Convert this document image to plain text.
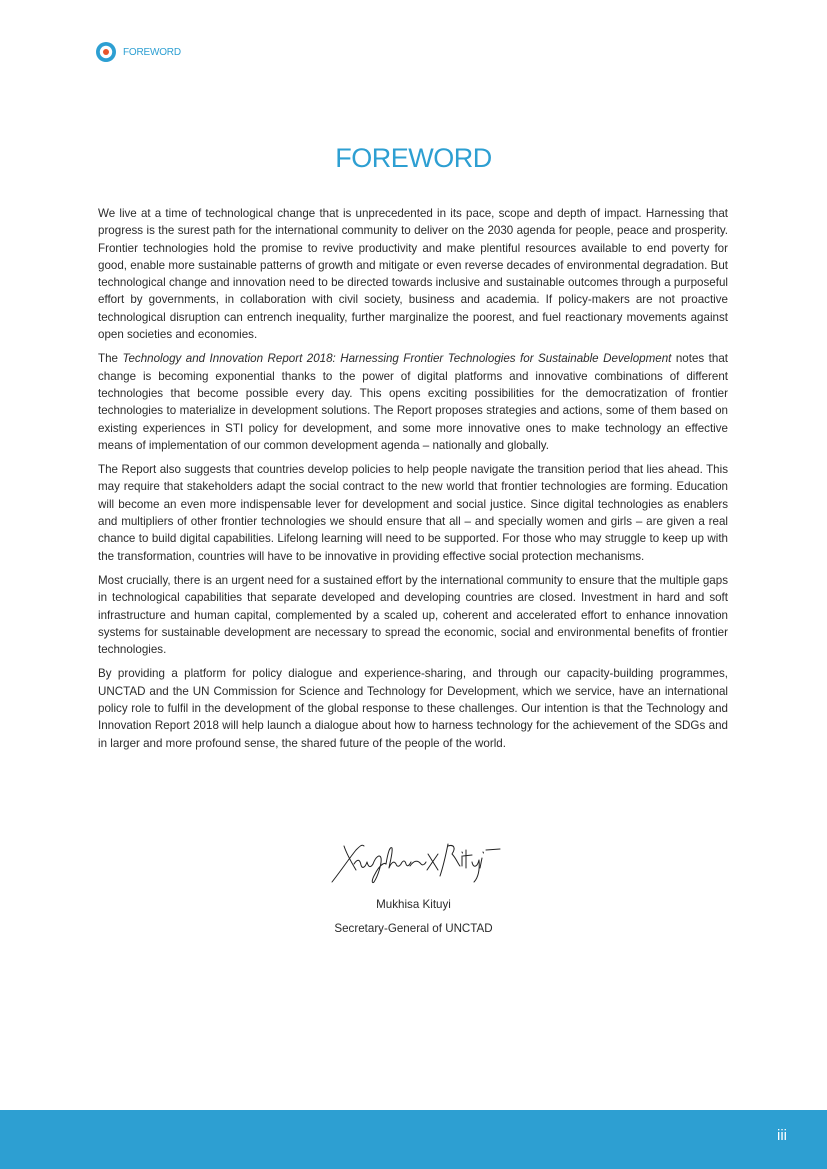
FOREWORD
FOREWORD

We live at a time of technological change that is unprecedented in its pace, scope and depth of impact. Harnessing that progress is the surest path for the international community to deliver on the 2030 agenda for people, peace and prosperity. Frontier technologies hold the promise to revive productivity and make plentiful resources available to end poverty for good, enable more sustainable patterns of growth and mitigate or even reverse decades of environmental degradation. But technological change and innovation need to be directed towards inclusive and sustainable outcomes through a purposeful effort by governments, in collaboration with civil society, business and academia. If policy-makers are not proactive technological disruption can entrench inequality, further marginalize the poorest, and fuel reactionary movements against open societies and economies.

The Technology and Innovation Report 2018: Harnessing Frontier Technologies for Sustainable Development notes that change is becoming exponential thanks to the power of digital platforms and innovative combinations of different technologies that become possible every day. This opens exciting possibilities for the democratization of frontier technologies to materialize in development solutions. The Report proposes strategies and actions, some of them based on existing experiences in STI policy for development, and some more innovative ones to make technology an effective means of implementation of our common development agenda – nationally and globally.

The Report also suggests that countries develop policies to help people navigate the transition period that lies ahead. This may require that stakeholders adapt the social contract to the new world that frontier technologies are forming. Education will become an even more indispensable lever for development and social justice. Since digital technologies as enablers and multipliers of other frontier technologies we should ensure that all – and specially women and girls – are given a real chance to build digital capabilities. Lifelong learning will need to be supported. For those who may struggle to keep up with the transformation, countries will have to be innovative in providing effective social protection mechanisms.

Most crucially, there is an urgent need for a sustained effort by the international community to ensure that the multiple gaps in technological capabilities that separate developed and developing countries are closed. Investment in hard and soft infrastructure and human capital, complemented by a scaled up, coherent and accelerated effort to enhance innovation systems for sustainable development are necessary to spread the economic, social and environmental benefits of frontier technologies.

By providing a platform for policy dialogue and experience-sharing, and through our capacity-building programmes, UNCTAD and the UN Commission for Science and Technology for Development, which we service, have an international policy role to fulfil in the development of the global response to these challenges. Our intention is that the Technology and Innovation Report 2018 will help launch a dialogue about how to harness technology for the achievement of the SDGs and in larger and more profound sense, the shared future of the people of the world.

Mukhisa Kituyi
Secretary-General of UNCTAD
iii
